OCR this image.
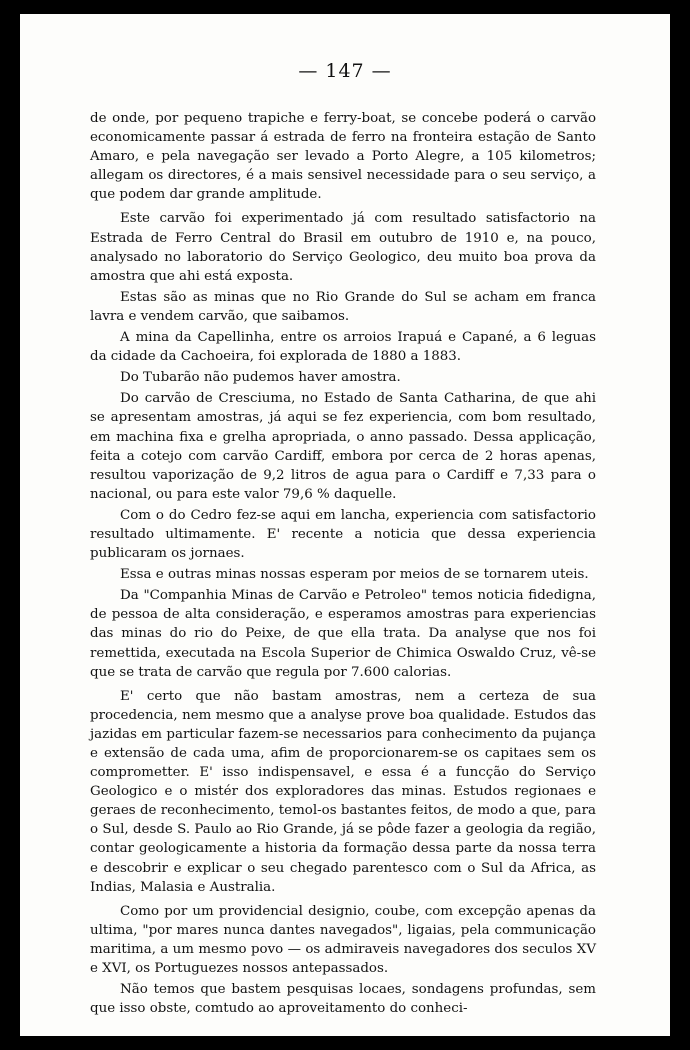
— 147 —

de onde, por pequeno trapiche e ferry-boat, se concebe poderá o carvão economicamente passar á estrada de ferro na fronteira estação de Santo Amaro, e pela navegação ser levado a Porto Alegre, a 105 kilometros; allegam os directores, é a mais sensivel necessidade para o seu serviço, a que podem dar grande amplitude.

Este carvão foi experimentado já com resultado satisfactorio na Estrada de Ferro Central do Brasil em outubro de 1910 e, na pouco, analysado no laboratorio do Serviço Geologico, deu muito boa prova da amostra que ahi está exposta.

Estas são as minas que no Rio Grande do Sul se acham em franca lavra e vendem carvão, que saibamos.

A mina da Capellinha, entre os arroios Irapuá e Capané, a 6 leguas da cidade da Cachoeira, foi explorada de 1880 a 1883.

Do Tubarão não pudemos haver amostra.

Do carvão de Cresciuma, no Estado de Santa Catharina, de que ahi se apresentam amostras, já aqui se fez experiencia, com bom resultado, em machina fixa e grelha apropriada, o anno passado. Dessa applicação, feita a cotejo com carvão Cardiff, embora por cerca de 2 horas apenas, resultou vaporização de 9,2 litros de agua para o Cardiff e 7,33 para o nacional, ou para este valor 79,6 % daquelle.

Com o do Cedro fez-se aqui em lancha, experiencia com satisfactorio resultado ultimamente. E' recente a noticia que dessa experiencia publicaram os jornaes.

Essa e outras minas nossas esperam por meios de se tornarem uteis.

Da "Companhia Minas de Carvão e Petroleo" temos noticia fidedigna, de pessoa de alta consideração, e esperamos amostras para experiencias das minas do rio do Peixe, de que ella trata. Da analyse que nos foi remettida, executada na Escola Superior de Chimica Oswaldo Cruz, vê-se que se trata de carvão que regula por 7.600 calorias.

E' certo que não bastam amostras, nem a certeza de sua procedencia, nem mesmo que a analyse prove boa qualidade. Estudos das jazidas em particular fazem-se necessarios para conhecimento da pujança e extensão de cada uma, afim de proporcionarem-se os capitaes sem os comprometter. E' isso indispensavel, e essa é a funcção do Serviço Geologico e o mistér dos exploradores das minas. Estudos regionaes e geraes de reconhecimento, temol-os bastantes feitos, de modo a que, para o Sul, desde S. Paulo ao Rio Grande, já se pôde fazer a geologia da região, contar geologicamente a historia da formação dessa parte da nossa terra e descobrir e explicar o seu chegado parentesco com o Sul da Africa, as Indias, Malasia e Australia.

Como por um providencial designio, coube, com excepção apenas da ultima, "por mares nunca dantes navegados", ligaias, pela communicação maritima, a um mesmo povo — os admiraveis navegadores dos seculos XV e XVI, os Portuguezes nossos antepassados.

Não temos que bastem pesquisas locaes, sondagens profundas, sem que isso obste, comtudo ao aproveitamento do conheci-
